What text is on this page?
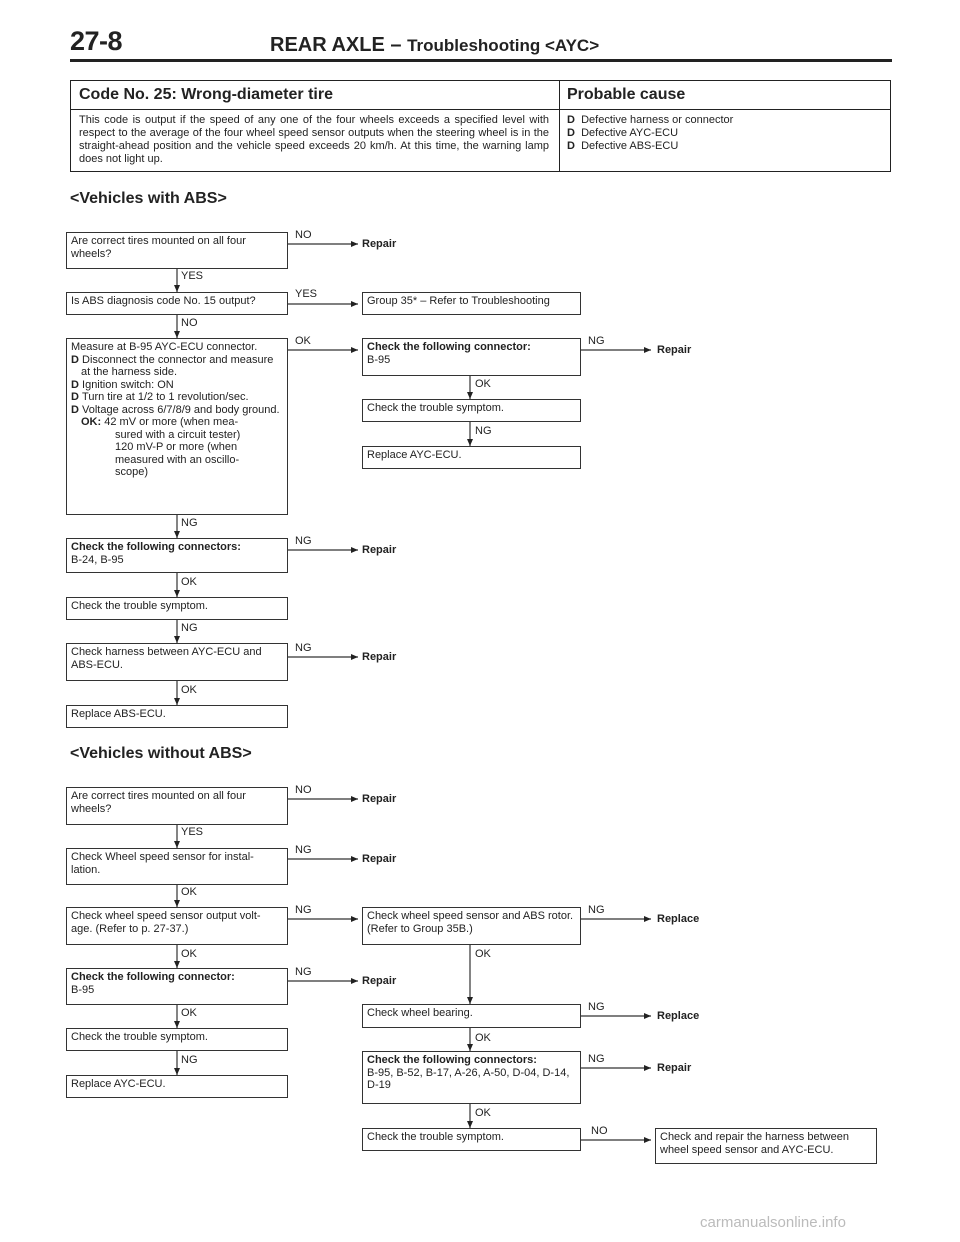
27-8	REAR AXLE – Troubleshooting <AYC>
Code No. 25: Wrong-diameter tire	Probable cause
This code is output if the speed of any one of the four wheels exceeds a specified level with respect to the average of the four wheel speed sensor outputs when the steering wheel is in the straight-ahead position and the vehicle speed exceeds 20 km/h. At this time, the warning lamp does not light up.
D Defective harness or connector
D Defective AYC-ECU
D Defective ABS-ECU
<Vehicles with ABS>
Are correct tires mounted on all four wheels?
Is ABS diagnosis code No. 15 output?	Group 35* – Refer to Troubleshooting
Measure at B-95 AYC-ECU connector.
D Disconnect the connector and measure at the harness side.
D Ignition switch: ON
D Turn tire at 1/2 to 1 revolution/sec.
D Voltage across 6/7/8/9 and body ground.
OK: 42 mV or more (when mea-
sured with a circuit tester)
120 mV-P or more (when
measured with an oscillo-
scope)
Check the following connector:
B-95
Check the trouble symptom.
Replace AYC-ECU.
Check the following connectors:
B-24, B-95
Check the trouble symptom.
Check harness between AYC-ECU and ABS-ECU.
Replace ABS-ECU.
NO
Repair
YES
YES
NO
OK	NG
Repair
OK
NG
NG
NG
Repair
OK
NG
NG
Repair
OK
<Vehicles without ABS>
Are correct tires mounted on all four wheels?
Check Wheel speed sensor for instal- lation.
Check wheel speed sensor output volt- age. (Refer to p. 27-37.)
Check wheel speed sensor and ABS rotor. (Refer to Group 35B.)
Check the following connector:
B-95
Check wheel bearing.
Check the trouble symptom.
Check the following connectors:
B-95, B-52, B-17, A-26, A-50, D-04, D-14, D-19
Replace AYC-ECU.
Check the trouble symptom.	Check and repair the harness between wheel speed sensor and AYC-ECU.
NO
Repair
YES
NG
Repair
OK
NG	NG
Replace
OK	OK
NG
Repair
NG
Replace
OK
OK
NG	NG
Repair
OK
NO
carmanualsonline.info
